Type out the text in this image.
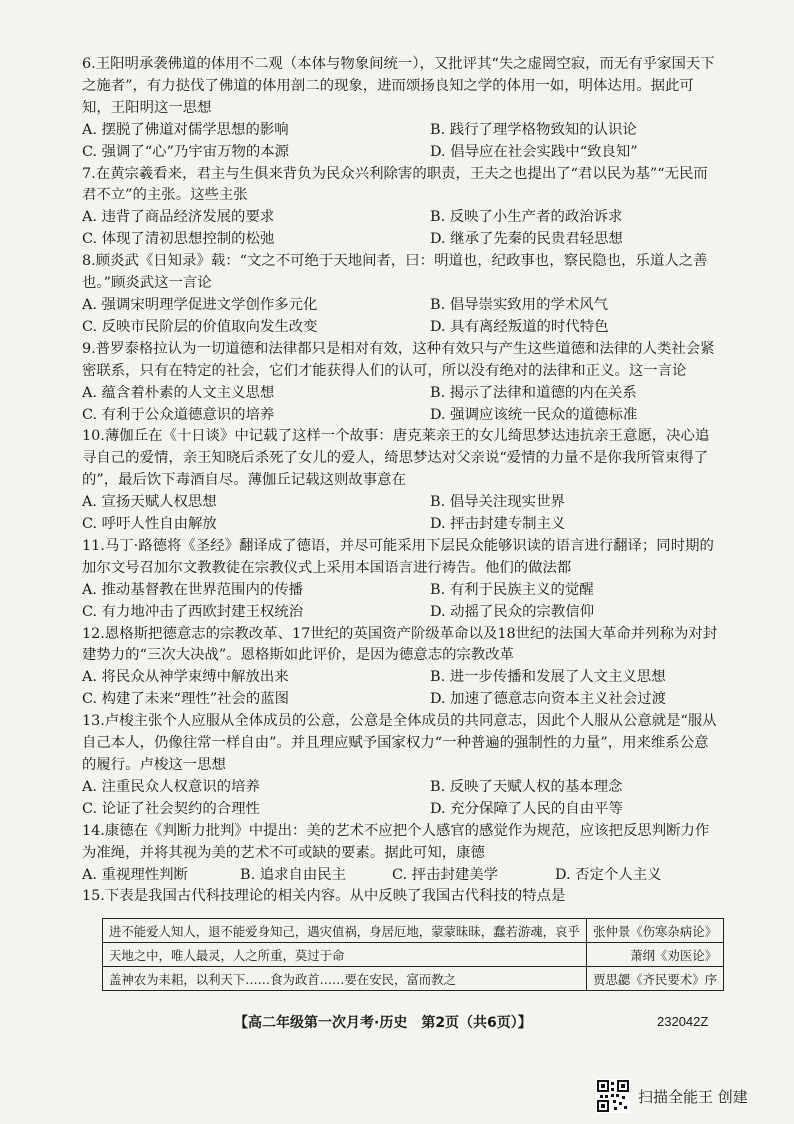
6.王阳明承袭佛道的体用不二观（本体与物象间统一），又批评其“失之虚罔空寂，而无有乎家国天下之施者”，有力挞伐了佛道的体用剖二的现象，进而颂扬良知之学的体用一如，明体达用。据此可知，王阳明这一思想
A. 摆脱了佛道对儒学思想的影响	B. 践行了理学格物致知的认识论
C. 强调了“心”乃宇宙万物的本源	D. 倡导应在社会实践中“致良知”
7.在黄宗羲看来，君主与生俱来背负为民众兴利除害的职责，王夫之也提出了“君以民为基”“无民而君不立”的主张。这些主张
A. 违背了商品经济发展的要求	B. 反映了小生产者的政治诉求
C. 体现了清初思想控制的松弛	D. 继承了先秦的民贵君轻思想
8.顾炎武《日知录》载：“文之不可绝于天地间者，曰：明道也，纪政事也，察民隐也，乐道人之善也。”顾炎武这一言论
A. 强调宋明理学促进文学创作多元化	B. 倡导崇实致用的学术风气
C. 反映市民阶层的价值取向发生改变	D. 具有离经叛道的时代特色
9.普罗泰格拉认为一切道德和法律都只是相对有效，这种有效只与产生这些道德和法律的人类社会紧密联系，只有在特定的社会，它们才能获得人们的认可，所以没有绝对的法律和正义。这一言论
A. 蕴含着朴素的人文主义思想	B. 揭示了法律和道德的内在关系
C. 有利于公众道德意识的培养	D. 强调应该统一民众的道德标准
10.薄伽丘在《十日谈》中记载了这样一个故事：唐克莱亲王的女儿绮思梦达违抗亲王意愿，决心追寻自己的爱情，亲王知晓后杀死了女儿的爱人，绮思梦达对父亲说“爱情的力量不是你我所管束得了的”，最后饮下毒酒自尽。薄伽丘记载这则故事意在
A. 宣扬天赋人权思想	B. 倡导关注现实世界
C. 呼吁人性自由解放	D. 抨击封建专制主义
11.马丁·路德将《圣经》翻译成了德语，并尽可能采用下层民众能够识读的语言进行翻译；同时期的加尔文号召加尔文教教徒在宗教仪式上采用本国语言进行祷告。他们的做法都
A. 推动基督教在世界范围内的传播	B. 有利于民族主义的觉醒
C. 有力地冲击了西欧封建王权统治	D. 动摇了民众的宗教信仰
12.恩格斯把德意志的宗教改革、17世纪的英国资产阶级革命以及18世纪的法国大革命并列称为对封建势力的“三次大决战”。恩格斯如此评价，是因为德意志的宗教改革
A. 将民众从神学束缚中解放出来	B. 进一步传播和发展了人文主义思想
C. 构建了未来“理性”社会的蓝图	D. 加速了德意志向资本主义社会过渡
13.卢梭主张个人应服从全体成员的公意，公意是全体成员的共同意志，因此个人服从公意就是“服从自己本人，仍像往常一样自由”。并且理应赋予国家权力“一种普遍的强制性的力量”，用来维系公意的履行。卢梭这一思想
A. 注重民众人权意识的培养	B. 反映了天赋人权的基本理念
C. 论证了社会契约的合理性	D. 充分保障了人民的自由平等
14.康德在《判断力批判》中提出：美的艺术不应把个人感官的感觉作为规范，应该把反思判断力作为准绳，并将其视为美的艺术不可或缺的要素。据此可知，康德
A. 重视理性判断	B. 追求自由民主	C. 抨击封建美学	D. 否定个人主义
15.下表是我国古代科技理论的相关内容。从中反映了我国古代科技的特点是
进不能爱人知人，退不能爱身知己，遇灾值祸，身居厄地，蒙蒙昧昧，蠢若游魂，哀乎	张仲景《伤寒杂病论》
天地之中，唯人最灵，人之所重，莫过于命	萧纲《劝医论》
盖神农为耒耜，以利天下……食为政首……要在安民，富而教之	贾思勰《齐民要术》序
【高二年级第一次月考·历史　第2页（共6页）】	232042Z
扫描全能王 创建
